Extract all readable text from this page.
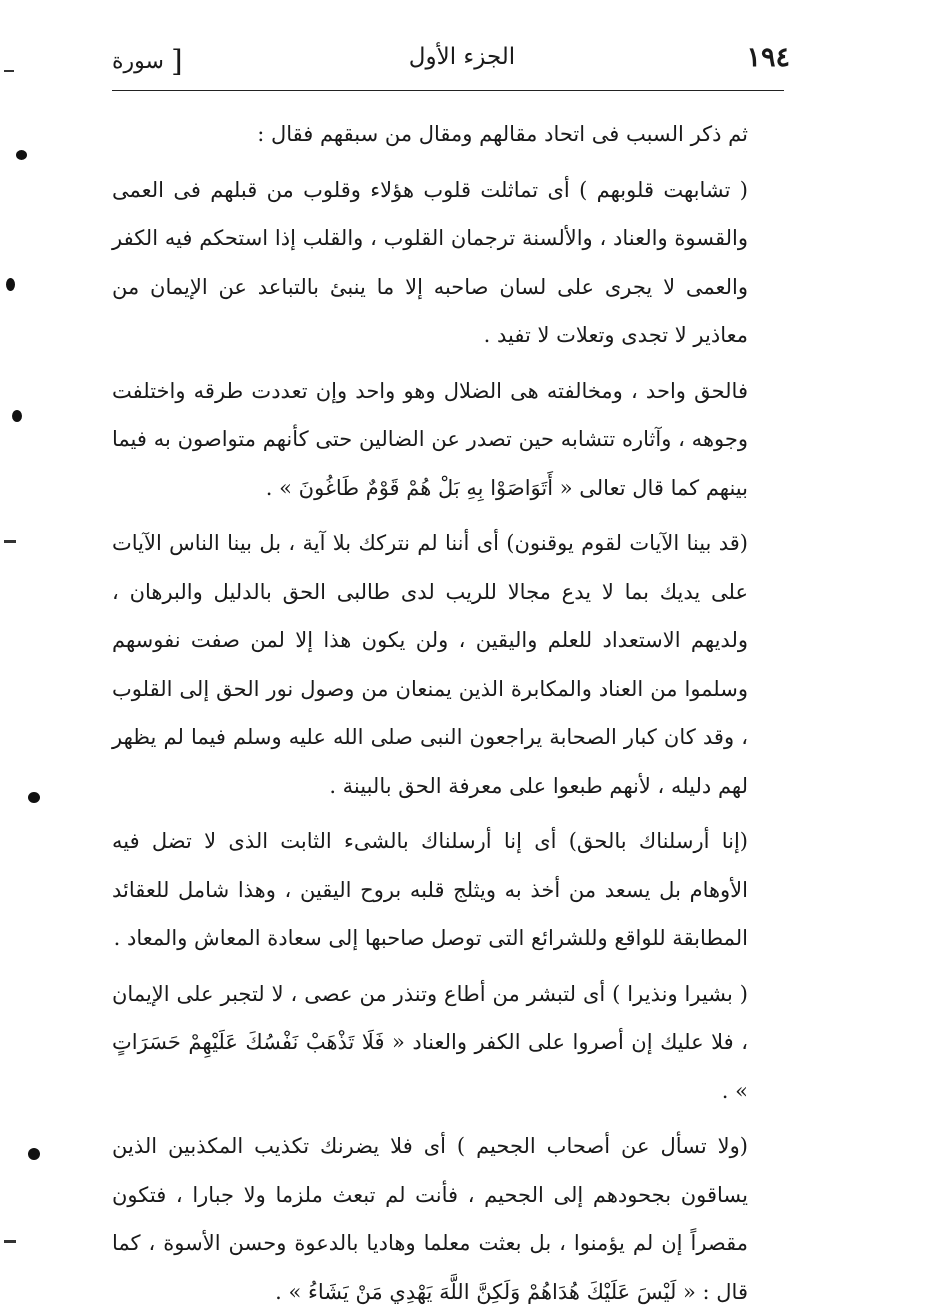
١٩٤
الجزء الأول
[ سورة

ثم ذكر السبب فى اتحاد مقالهم ومقال من سبقهم فقال :

( تشابهت قلوبهم ) أى تماثلت قلوب هؤلاء وقلوب من قبلهم فى العمى والقسوة والعناد ، والألسنة ترجمان القلوب ، والقلب إذا استحكم فيه الكفر والعمى لا يجرى على لسان صاحبه إلا ما ينبئ بالتباعد عن الإيمان من معاذير لا تجدى وتعلات لا تفيد .

فالحق واحد ، ومخالفته هى الضلال وهو واحد وإن تعددت طرقه واختلفت وجوهه ، وآثاره تتشابه حين تصدر عن الضالين حتى كأنهم متواصون به فيما بينهم كما قال تعالى « أَتَوَاصَوْا بِهِ بَلْ هُمْ قَوْمٌ طَاغُونَ » .

(قد بينا الآيات لقوم يوقنون) أى أننا لم نتركك بلا آية ، بل بينا الناس الآيات على يديك بما لا يدع مجالا للريب لدى طالبى الحق بالدليل والبرهان ، ولديهم الاستعداد للعلم واليقين ، ولن يكون هذا إلا لمن صفت نفوسهم وسلموا من العناد والمكابرة الذين يمنعان من وصول نور الحق إلى القلوب ، وقد كان كبار الصحابة يراجعون النبى صلى الله عليه وسلم فيما لم يظهر لهم دليله ، لأنهم طبعوا على معرفة الحق بالبينة .

(إنا أرسلناك بالحق) أى إنا أرسلناك بالشىء الثابت الذى لا تضل فيه الأوهام بل يسعد من أخذ به ويثلج قلبه بروح اليقين ، وهذا شامل للعقائد المطابقة للواقع وللشرائع التى توصل صاحبها إلى سعادة المعاش والمعاد .

( بشيرا ونذيرا ) أى لتبشر من أطاع وتنذر من عصى ، لا لتجبر على الإيمان ، فلا عليك إن أصروا على الكفر والعناد « فَلَا تَذْهَبْ نَفْسُكَ عَلَيْهِمْ حَسَرَاتٍ » .

(ولا تسأل عن أصحاب الجحيم ) أى فلا يضرنك تكذيب المكذبين الذين يساقون بجحودهم إلى الجحيم ، فأنت لم تبعث ملزما ولا جبارا ، فتكون مقصراً إن لم يؤمنوا ، بل بعثت معلما وهاديا بالدعوة وحسن الأسوة ، كما قال : « لَيْسَ عَلَيْكَ هُدَاهُمْ وَلَكِنَّ اللَّهَ يَهْدِي مَنْ يَشَاءُ » .
